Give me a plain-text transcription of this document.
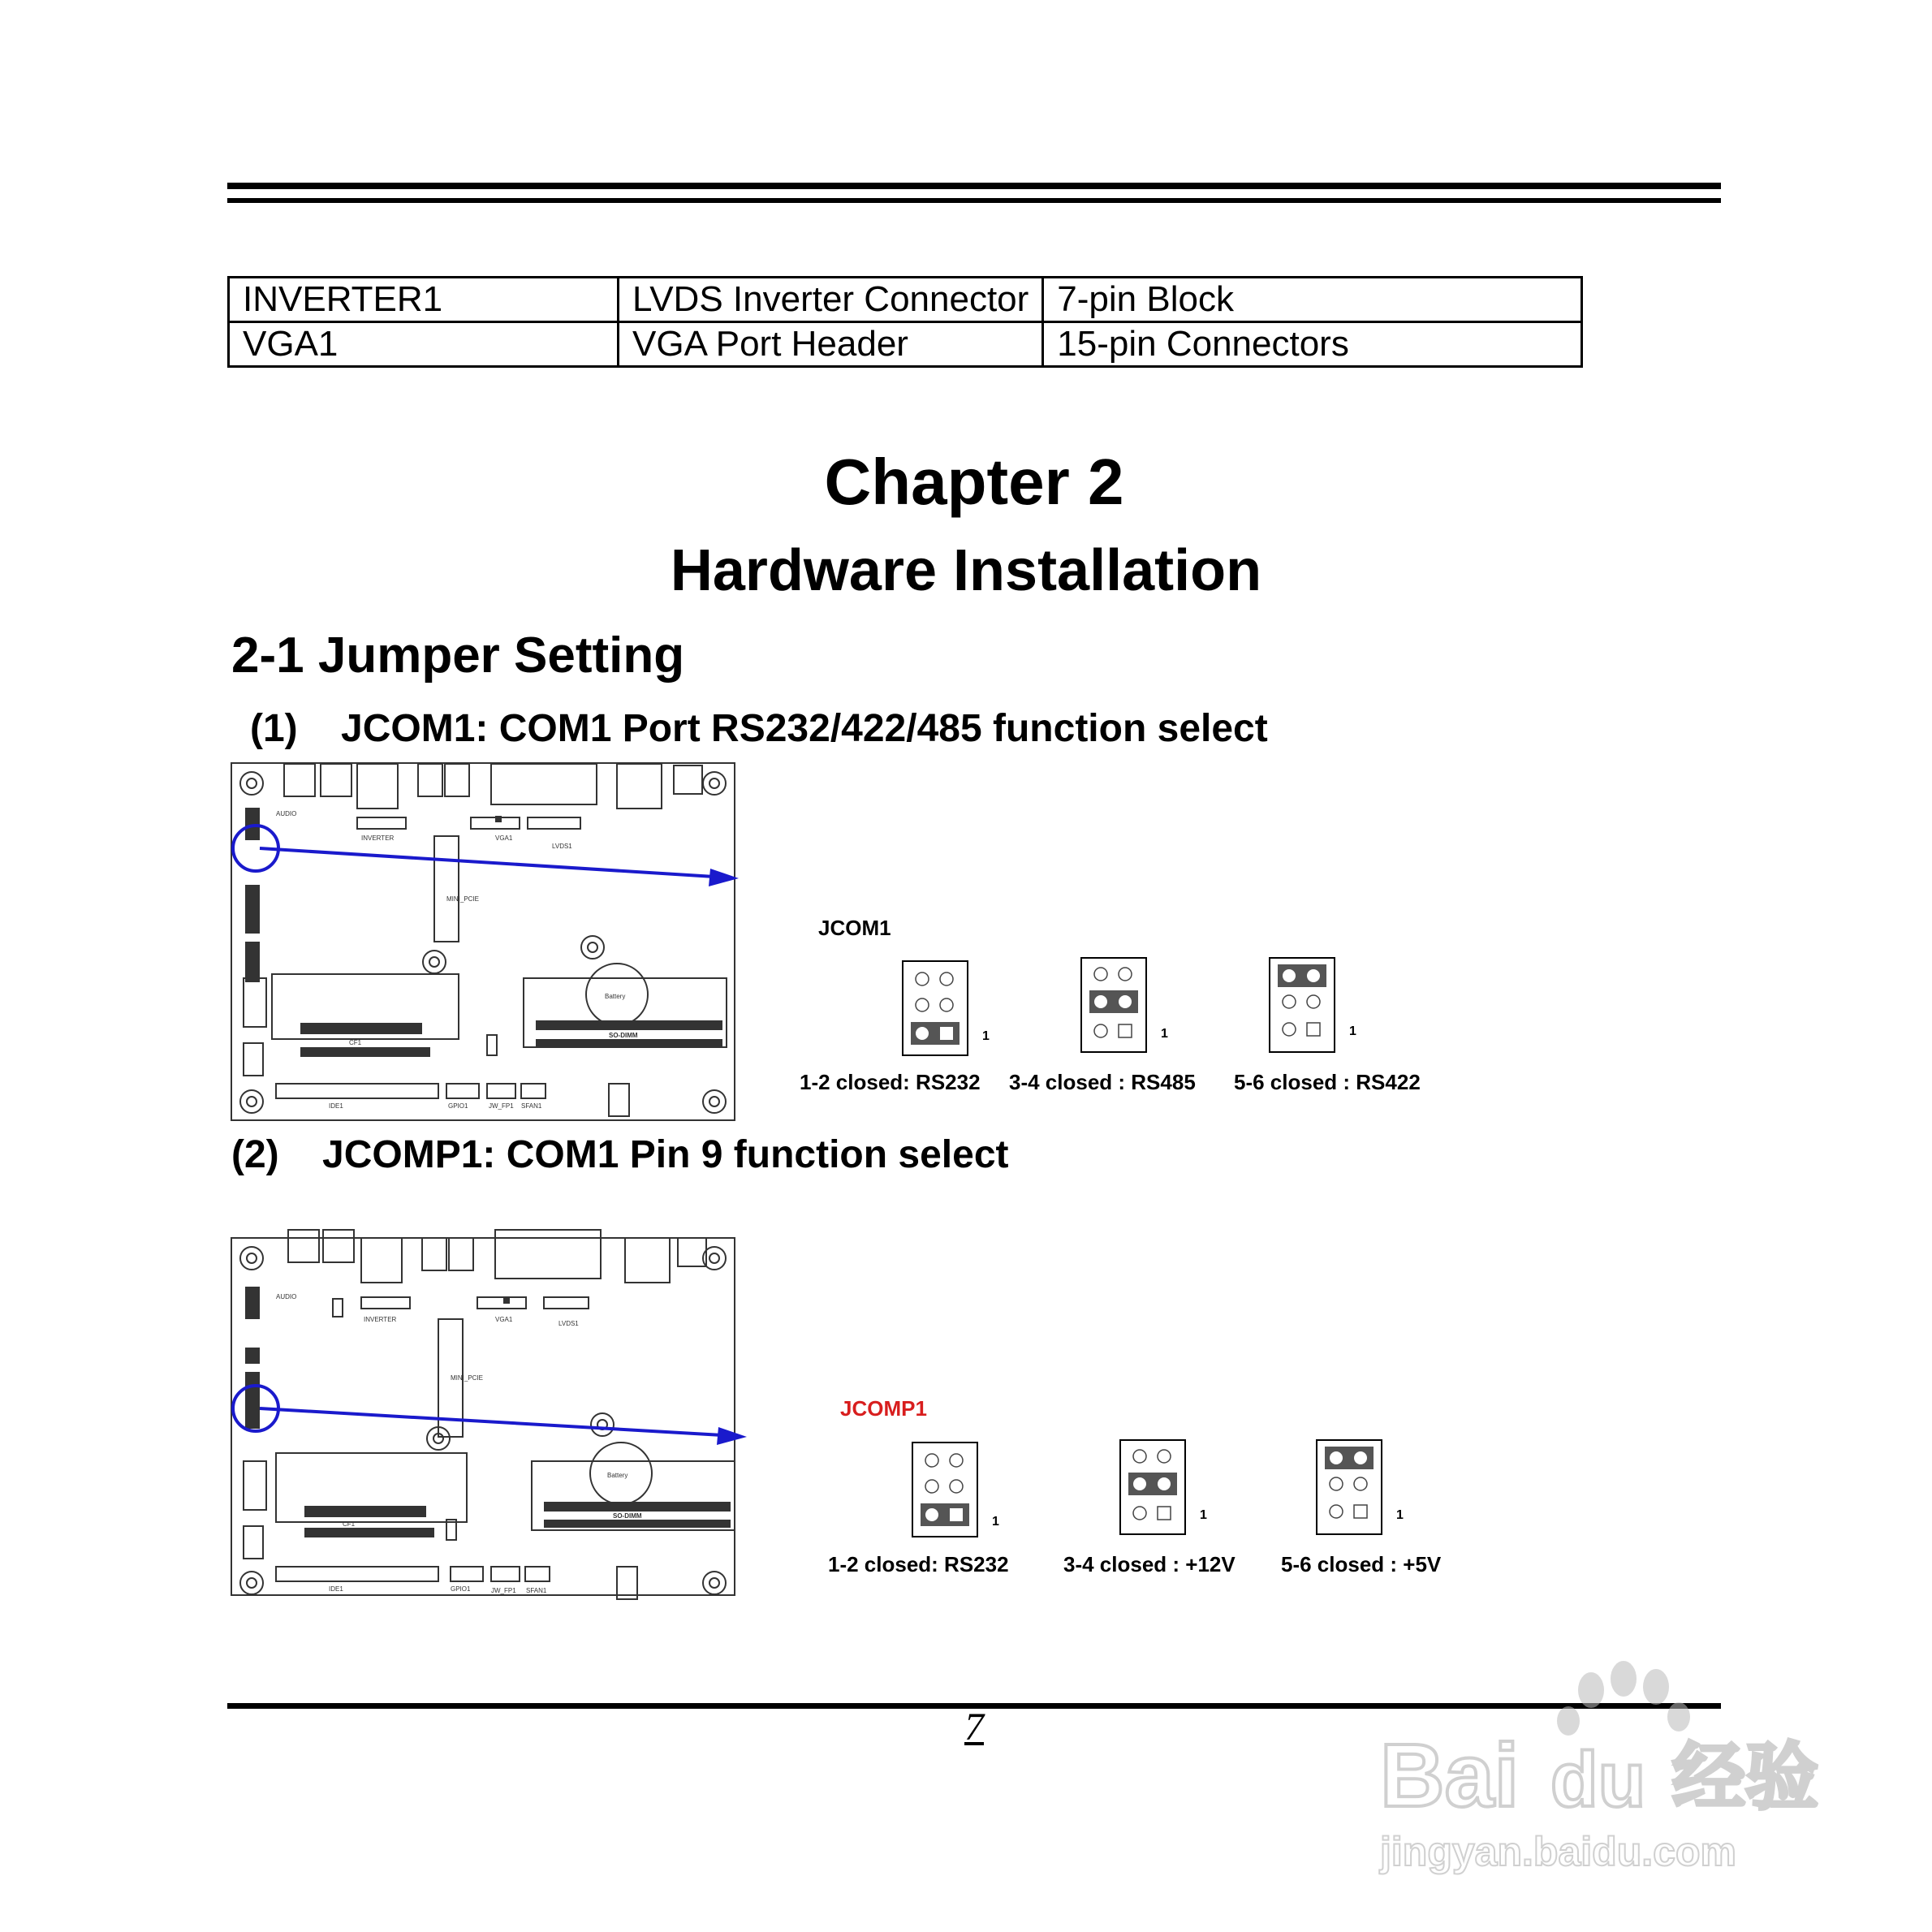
INVERTER1	LVDS Inverter Connector	7-pin Block
VGA1	VGA Port Header	15-pin Connectors
Chapter 2
Hardware Installation
2-1 Jumper Setting
(1)    JCOM1: COM1 Port RS232/422/485 function select
AUDIO
INVERTER	VGA1
LVDS1
MINI_PCIE
Battery
CF1
SO-DIMM
IDE1	GPIO1	JW_FP1 SFAN1
JCOM1
1	1	1
1-2 closed: RS232 3-4 closed : RS485 5-6 closed : RS422
(2)    JCOMP1: COM1 Pin 9 function select
AUDIO
INVERTER	VGA1
LVDS1
MINI_PCIE
Battery
CF1
SO-DIMM
IDE1	GPIO1	JW_FP1 SFAN1
JCOMP1
1	1	1
1-2 closed: RS232	3-4 closed : +12V 5-6 closed : +5V
7	Bai du 经验
jingyan.baidu.com
